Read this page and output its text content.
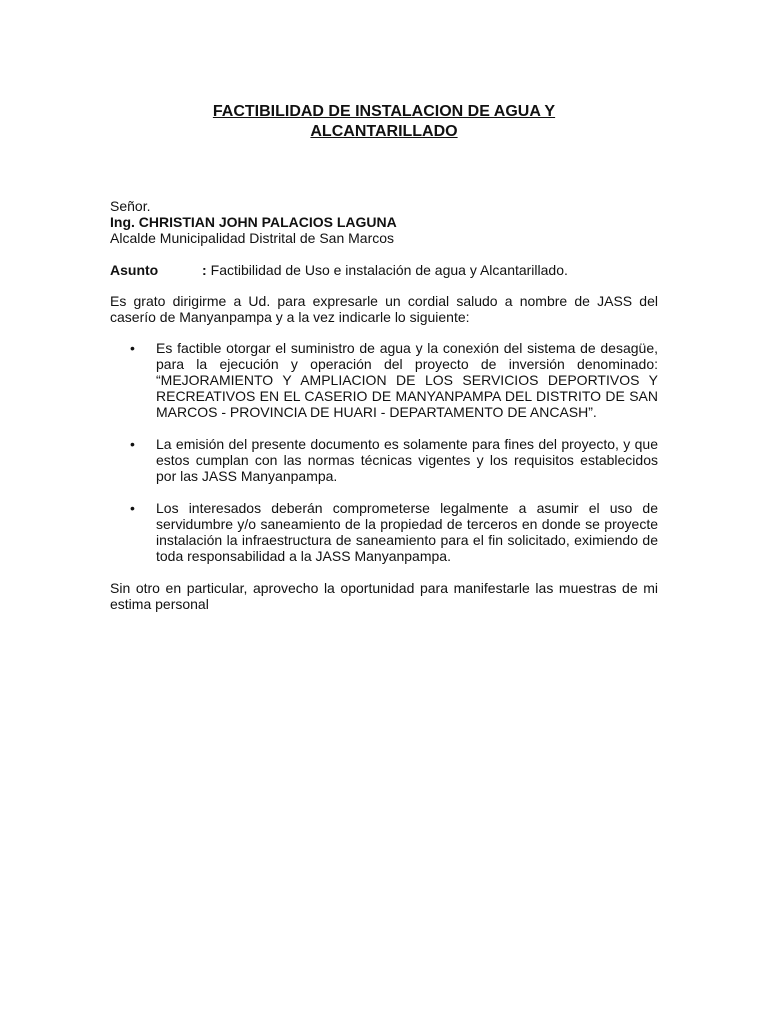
FACTIBILIDAD DE INSTALACION DE AGUA Y
ALCANTARILLADO
Señor.
Ing. CHRISTIAN JOHN PALACIOS LAGUNA
Alcalde Municipalidad Distrital de San Marcos
Asunto	: Factibilidad de Uso e instalación de agua y Alcantarillado.

Es grato dirigirme a Ud. para expresarle un cordial saludo a nombre de JASS del caserío de Manyanpampa y a la vez indicarle lo siguiente:

• Es factible otorgar el suministro de agua y la conexión del sistema de desagüe, para la ejecución y operación del proyecto de inversión denominado: “MEJORAMIENTO Y AMPLIACION DE LOS SERVICIOS DEPORTIVOS Y RECREATIVOS EN EL CASERIO DE MANYANPAMPA DEL DISTRITO DE SAN MARCOS - PROVINCIA DE HUARI - DEPARTAMENTO DE ANCASH”.
• La emisión del presente documento es solamente para fines del proyecto, y que estos cumplan con las normas técnicas vigentes y los requisitos establecidos por las JASS Manyanpampa.
• Los interesados deberán comprometerse legalmente a asumir el uso de servidumbre y/o saneamiento de la propiedad de terceros en donde se proyecte instalación la infraestructura de saneamiento para el fin solicitado, eximiendo de toda responsabilidad a la JASS Manyanpampa.

Sin otro en particular, aprovecho la oportunidad para manifestarle las muestras de mi estima personal
